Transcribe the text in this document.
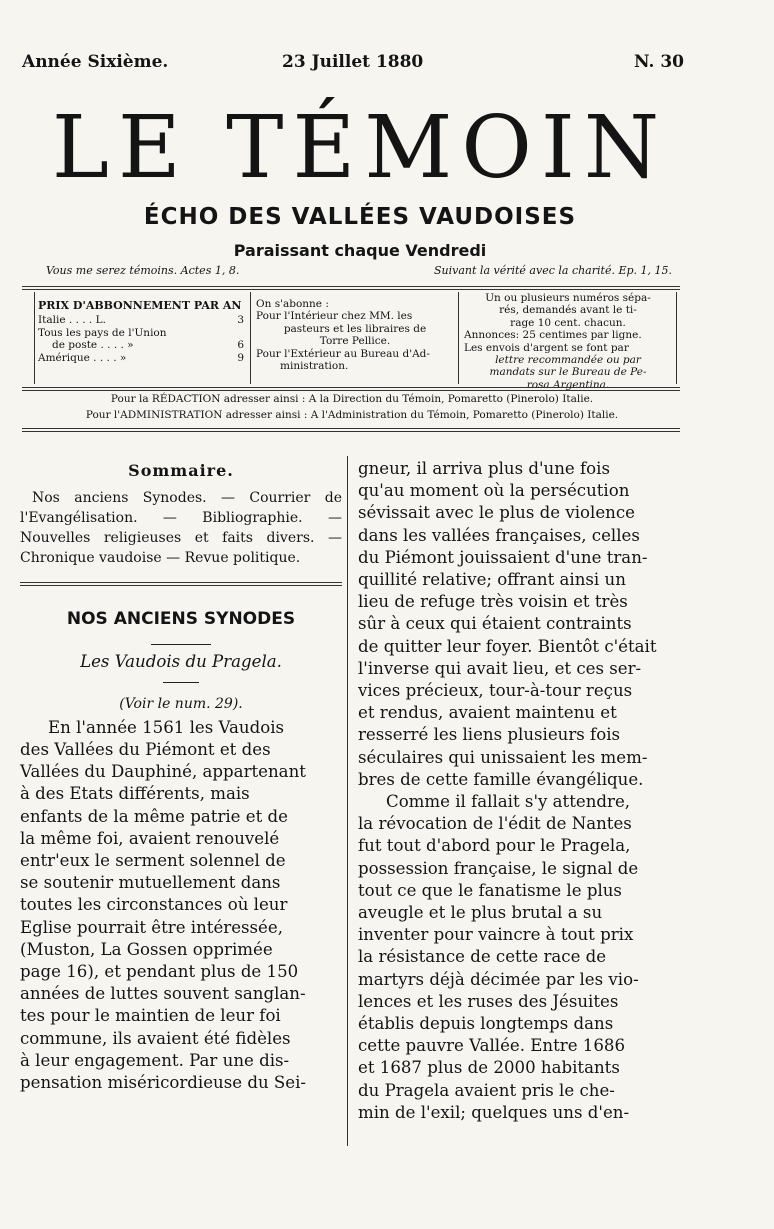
Année Sixième.	23 Juillet 1880	N. 30
LE TÉMOIN
ÉCHO DES VALLÉES VAUDOISES
Paraissant chaque Vendredi
Vous me serez témoins. Actes 1, 8.	Suivant la vérité avec la charité. Ep. 1, 15.
PRIX D'ABBONNEMENT PAR AN
Italie . . . . L.	3
Tous les pays de l'Union
de poste . . . . »	6
Amérique . . . . »	9
On s'abonne :
Pour l'Intérieur chez MM. les
pasteurs et les libraires de
Torre Pellice.
Pour l'Extérieur au Bureau d'Ad-
ministration.
Un ou plusieurs numéros sépa-
rés, demandés avant le ti-
rage 10 cent. chacun.
Annonces: 25 centimes par ligne.
Les envois d'argent se font par
lettre recommandée ou par
mandats sur le Bureau de Pe-
rosa Argentina.
Pour la RÉDACTION adresser ainsi : A la Direction du Témoin, Pomaretto (Pinerolo) Italie.
Pour l'ADMINISTRATION adresser ainsi : A l'Administration du Témoin, Pomaretto (Pinerolo) Italie.
Sommaire.
Nos anciens Synodes. — Courrier de l'Evangélisation. — Bibliographie. — Nouvelles religieuses et faits divers. — Chronique vaudoise — Revue politique.
NOS ANCIENS SYNODES
Les Vaudois du Pragela.
(Voir le num. 29).

En l'année 1561 les Vaudois

des Vallées du Piémont et des

Vallées du Dauphiné, appartenant

à des Etats différents, mais

enfants de la même patrie et de

la même foi, avaient renouvelé

entr'eux le serment solennel de

se soutenir mutuellement dans

toutes les circonstances où leur

Eglise pourrait être intéressée,

(Muston, La Gossen opprimée

page 16), et pendant plus de 150

années de luttes souvent sanglan-

tes pour le maintien de leur foi

commune, ils avaient été fidèles

à leur engagement. Par une dis-

pensation miséricordieuse du Sei-

gneur, il arriva plus d'une fois

qu'au moment où la persécution

sévissait avec le plus de violence

dans les vallées françaises, celles

du Piémont jouissaient d'une tran-

quillité relative; offrant ainsi un

lieu de refuge très voisin et très

sûr à ceux qui étaient contraints

de quitter leur foyer. Bientôt c'était

l'inverse qui avait lieu, et ces ser-

vices précieux, tour-à-tour reçus

et rendus, avaient maintenu et

resserré les liens plusieurs fois

séculaires qui unissaient les mem-

bres de cette famille évangélique.

Comme il fallait s'y attendre,

la révocation de l'édit de Nantes

fut tout d'abord pour le Pragela,

possession française, le signal de

tout ce que le fanatisme le plus

aveugle et le plus brutal a su

inventer pour vaincre à tout prix

la résistance de cette race de

martyrs déjà décimée par les vio-

lences et les ruses des Jésuites

établis depuis longtemps dans

cette pauvre Vallée. Entre 1686

et 1687 plus de 2000 habitants

du Pragela avaient pris le che-

min de l'exil; quelques uns d'en-
